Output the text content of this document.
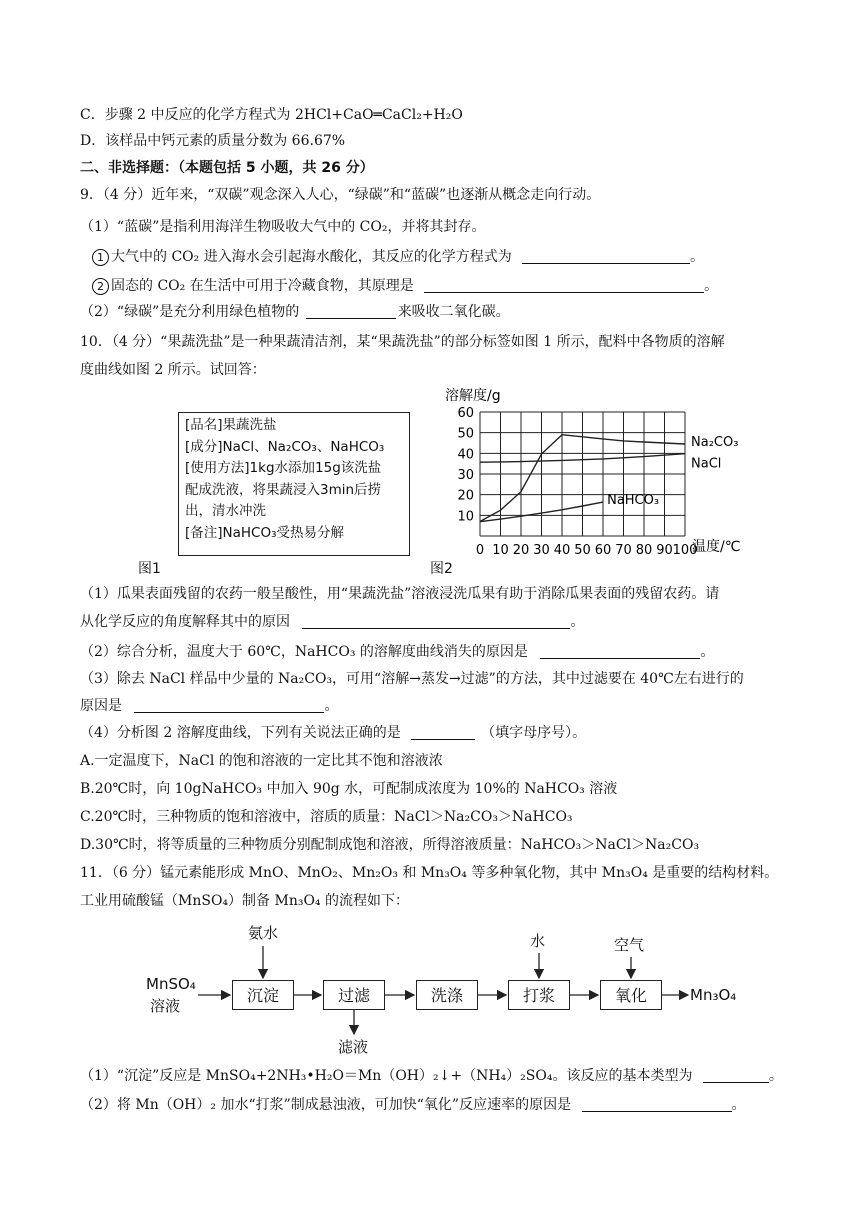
C．步骤 2 中反应的化学方程式为 2HCl+CaO═CaCl₂+H₂O
D．该样品中钙元素的质量分数为 66.67%
二、非选择题：（本题包括 5 小题，共 26 分）
9．（4 分）近年来，“双碳”观念深入人心，“绿碳”和“蓝碳”也逐渐从概念走向行动。
（1）“蓝碳”是指利用海洋生物吸收大气中的 CO₂，并将其封存。
1 大气中的 CO₂ 进入海水会引起海水酸化，其反应的化学方程式为	。
2 固态的 CO₂ 在生活中可用于冷藏食物，其原理是	。
（2）“绿碳”是充分利用绿色植物的	来吸收二氧化碳。
10．（4 分）“果蔬洗盐”是一种果蔬清洁剂，某“果蔬洗盐”的部分标签如图 1 所示，配料中各物质的溶解
度曲线如图 2 所示。试回答：
[品名]果蔬洗盐
[成分]NaCl、Na₂CO₃、NaHCO₃
[使用方法]1kg水添加15g该洗盐
配成洗液，将果蔬浸入3min后捞
出，清水冲洗
[备注]NaHCO₃受热易分解
图1	图2
0 10 20 30 40 50 60 70 80 90 100
10
20
30
40
50
60
Na₂CO₃
NaCl
NaHCO₃
溶解度/g
温度/℃
（1）瓜果表面残留的农药一般呈酸性，用“果蔬洗盐”溶液浸洗瓜果有助于消除瓜果表面的残留农药。请
从化学反应的角度解释其中的原因	。
（2）综合分析，温度大于 60℃，NaHCO₃ 的溶解度曲线消失的原因是	。
（3）除去 NaCl 样品中少量的 Na₂CO₃，可用“溶解→蒸发→过滤”的方法，其中过滤要在 40℃左右进行的
原因是	。
（4）分析图 2 溶解度曲线，下列有关说法正确的是	（填字母序号）。
A.一定温度下，NaCl 的饱和溶液的一定比其不饱和溶液浓
B.20℃时，向 10gNaHCO₃ 中加入 90g 水，可配制成浓度为 10%的 NaHCO₃ 溶液
C.20℃时，三种物质的饱和溶液中，溶质的质量：NaCl＞Na₂CO₃＞NaHCO₃
D.30℃时，将等质量的三种物质分别配制成饱和溶液，所得溶液质量：NaHCO₃＞NaCl＞Na₂CO₃
11．（6 分）锰元素能形成 MnO、MnO₂、Mn₂O₃ 和 Mn₃O₄ 等多种氧化物，其中 Mn₃O₄ 是重要的结构材料。
工业用硫酸锰（MnSO₄）制备 Mn₃O₄ 的流程如下：
MnSO₄
溶液
沉淀	过滤	洗涤	打浆	氧化
氨水	水	空气
滤液
Mn₃O₄
（1）“沉淀”反应是 MnSO₄+2NH₃•H₂O＝Mn（OH）₂↓+（NH₄）₂SO₄。该反应的基本类型为	。
（2）将 Mn（OH）₂ 加水“打浆”制成悬浊液，可加快“氧化”反应速率的原因是	。
